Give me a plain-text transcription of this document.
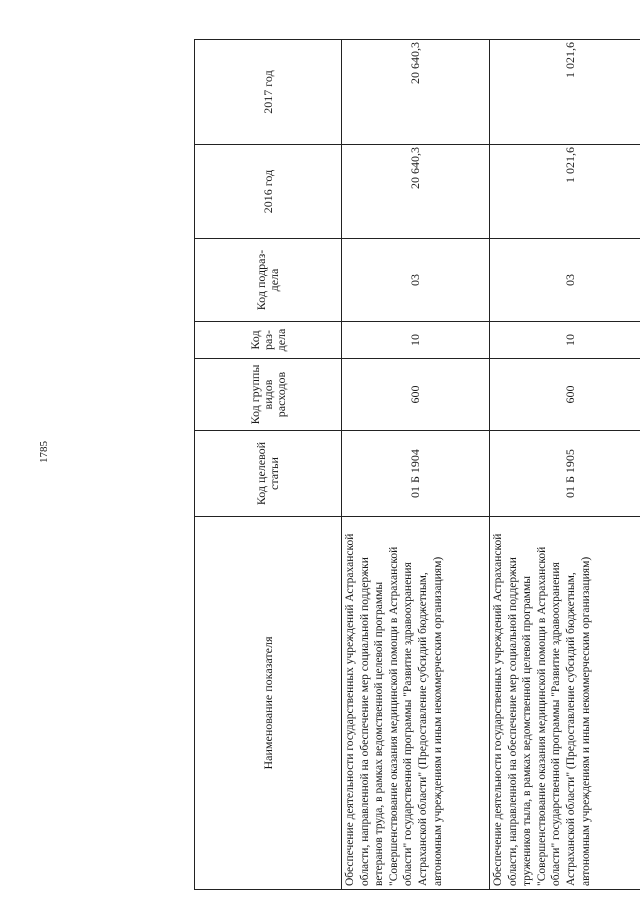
1785
Наименование показателя	Код целевой статьи	Код группы видов расходов	Код раз- дела	Код подраз- дела	2016 год	2017 год
Обеспечение деятельности государственных учреждений Астраханской области, направленной на обеспечение мер социальной поддержки ветеранов труда, в рамках ведомственной целевой программы "Совершенствование оказания медицинской помощи в Астраханской области" государственной программы "Развитие здравоохранения Астраханской области" (Предоставление субсидий бюджетным, автономным учреждениям и иным некоммерческим организациям)	01 Б 1904	600	10	03	20 640,3	20 640,3
Обеспечение деятельности государственных учреждений Астраханской области, направленной на обеспечение мер социальной поддержки тружеников тыла, в рамках ведомственной целевой программы "Совершенствование оказания медицинской помощи в Астраханской области" государственной программы "Развитие здравоохранения Астраханской области" (Предоставление субсидий бюджетным, автономным учреждениям и иным некоммерческим организациям)	01 Б 1905	600	10	03	1 021,6	1 021,6
